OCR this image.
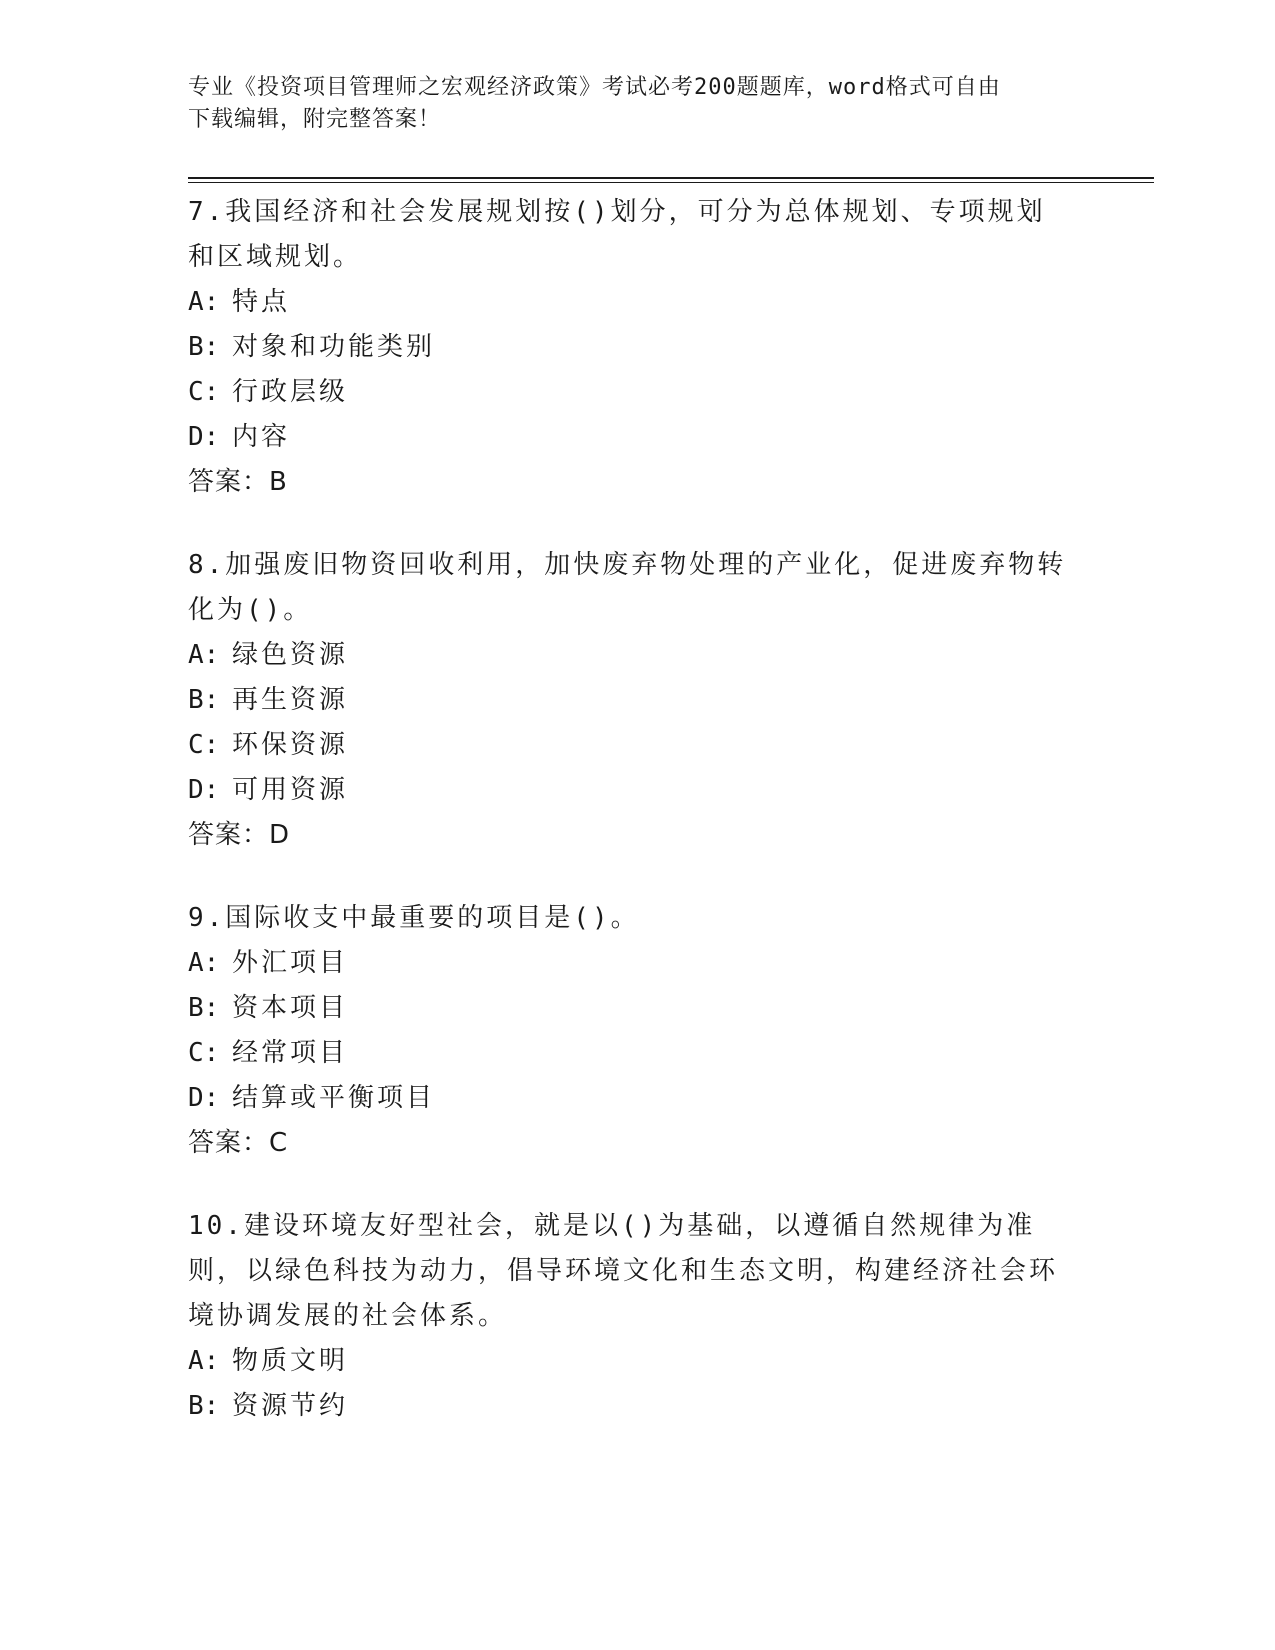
专业《投资项目管理师之宏观经济政策》考试必考200题题库，word格式可自由
下载编辑，附完整答案！

7.我国经济和社会发展规划按()划分，可分为总体规划、专项规划和区域规划。

A: 特点

B: 对象和功能类别

C: 行政层级

D: 内容

答案：B

8.加强废旧物资回收利用，加快废弃物处理的产业化，促进废弃物转化为()。

A: 绿色资源

B: 再生资源

C: 环保资源

D: 可用资源

答案：D

9.国际收支中最重要的项目是()。

A: 外汇项目

B: 资本项目

C: 经常项目

D: 结算或平衡项目

答案：C

10.建设环境友好型社会，就是以()为基础，以遵循自然规律为准则，以绿色科技为动力，倡导环境文化和生态文明，构建经济社会环境协调发展的社会体系。

A: 物质文明

B: 资源节约
